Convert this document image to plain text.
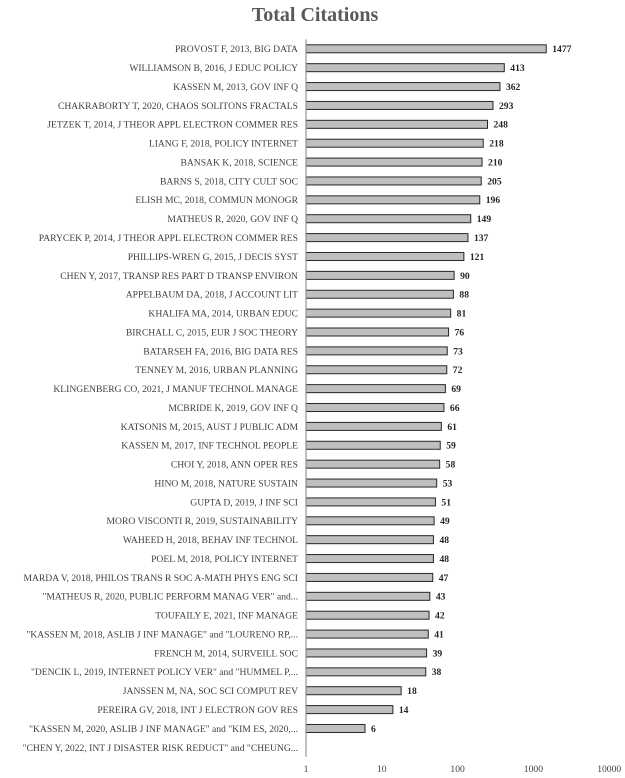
Total Citations
PROVOST F, 2013, BIG DATA
WILLIAMSON B, 2016, J EDUC POLICY
KASSEN M, 2013, GOV INF Q
CHAKRABORTY T, 2020, CHAOS SOLITONS FRACTALS
JETZEK T, 2014, J THEOR APPL ELECTRON COMMER RES
LIANG F, 2018, POLICY INTERNET
BANSAK K, 2018, SCIENCE
BARNS S, 2018, CITY CULT SOC
ELISH MC, 2018, COMMUN MONOGR
MATHEUS R, 2020, GOV INF Q
PARYCEK P, 2014, J THEOR APPL ELECTRON COMMER RES
PHILLIPS-WREN G, 2015, J DECIS SYST
CHEN Y, 2017, TRANSP RES PART D TRANSP ENVIRON
APPELBAUM DA, 2018, J ACCOUNT LIT
KHALIFA MA, 2014, URBAN EDUC
BIRCHALL C, 2015, EUR J SOC THEORY
BATARSEH FA, 2016, BIG DATA RES
TENNEY M, 2016, URBAN PLANNING
KLINGENBERG CO, 2021, J MANUF TECHNOL MANAGE
MCBRIDE K, 2019, GOV INF Q
KATSONIS M, 2015, AUST J PUBLIC ADM
KASSEN M, 2017, INF TECHNOL PEOPLE
CHOI Y, 2018, ANN OPER RES
HINO M, 2018, NATURE SUSTAIN
GUPTA D, 2019, J INF SCI
MORO VISCONTI R, 2019, SUSTAINABILITY
WAHEED H, 2018, BEHAV INF TECHNOL
POEL M, 2018, POLICY INTERNET
MARDA V, 2018, PHILOS TRANS R SOC A-MATH PHYS ENG SCI
"MATHEUS R, 2020, PUBLIC PERFORM MANAG VER" and...
TOUFAILY E, 2021, INF MANAGE
"KASSEN M, 2018, ASLIB J INF MANAGE" and "LOURENO RP,...
FRENCH M, 2014, SURVEILL SOC
"DENCIK L, 2019, INTERNET POLICY VER" and "HUMMEL P,...
JANSSEN M, NA, SOC SCI COMPUT REV
PEREIRA GV, 2018, INT J ELECTRON GOV RES
"KASSEN M, 2020, ASLIB J INF MANAGE" and "KIM ES, 2020,...
"CHEN Y, 2022, INT J DISASTER RISK REDUCT" and "CHEUNG...
1477
413
362
293
248
218
210
205
196
149
137
121
90
88
81
76
73
72
69
66
61
59
58
53
51
49
48
48
47
43
42
41
39
38
18
14
6
1	10	100	1000	10000
